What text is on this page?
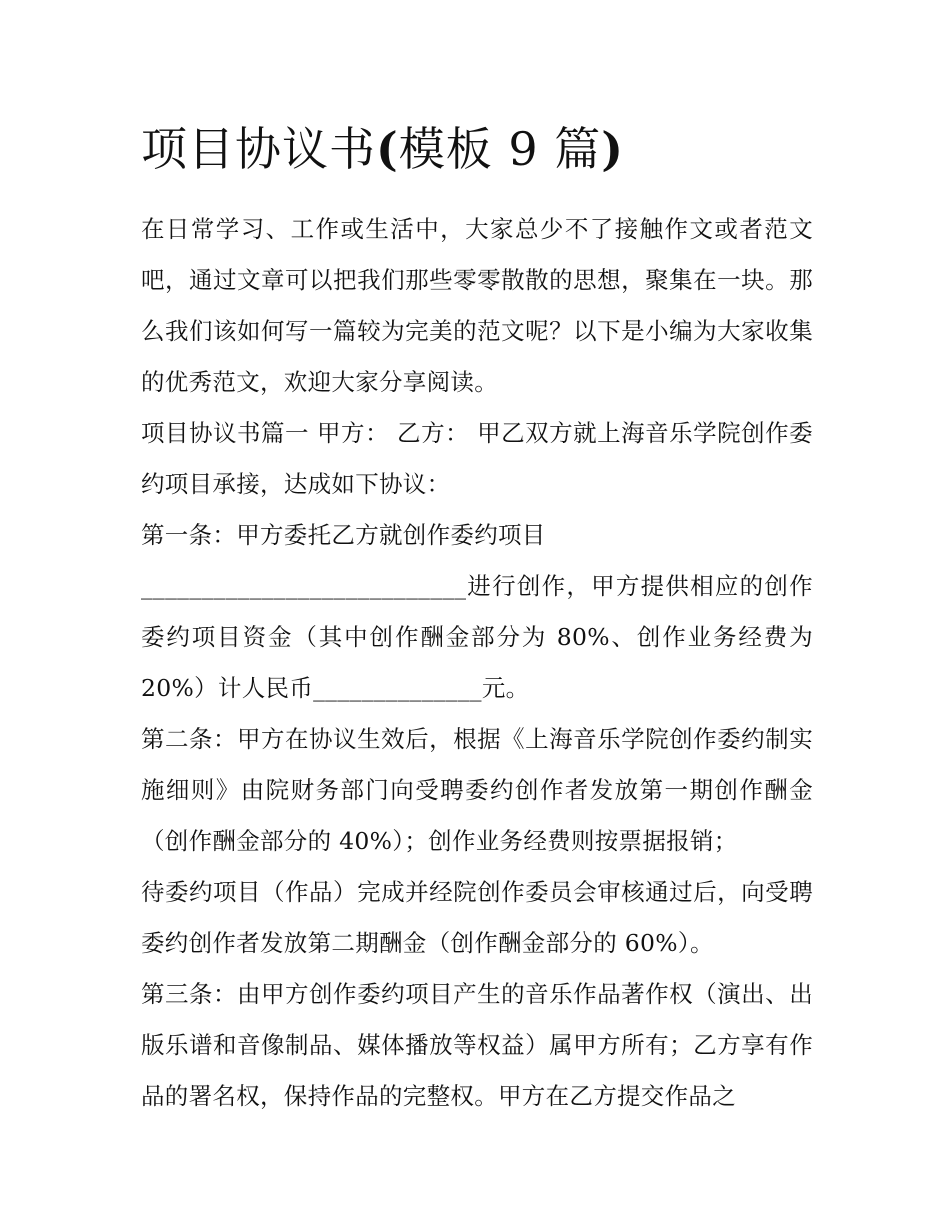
项目协议书(模板 9 篇)

在日常学习、工作或生活中，大家总少不了接触作文或者范文吧，通过文章可以把我们那些零零散散的思想，聚集在一块。那么我们该如何写一篇较为完美的范文呢？以下是小编为大家收集的优秀范文，欢迎大家分享阅读。

项目协议书篇一 甲方： 乙方： 甲乙双方就上海音乐学院创作委约项目承接，达成如下协议：

第一条：甲方委托乙方就创作委约项目

___________________________进行创作，甲方提供相应的创作委约项目资金（其中创作酬金部分为 80%、创作业务经费为 20%）计人民币______________元。

第二条：甲方在协议生效后，根据《上海音乐学院创作委约制实施细则》由院财务部门向受聘委约创作者发放第一期创作酬金（创作酬金部分的 40%）；创作业务经费则按票据报销；

待委约项目（作品）完成并经院创作委员会审核通过后，向受聘委约创作者发放第二期酬金（创作酬金部分的 60%）。

第三条：由甲方创作委约项目产生的音乐作品著作权（演出、出版乐谱和音像制品、媒体播放等权益）属甲方所有；乙方享有作品的署名权，保持作品的完整权。甲方在乙方提交作品之
